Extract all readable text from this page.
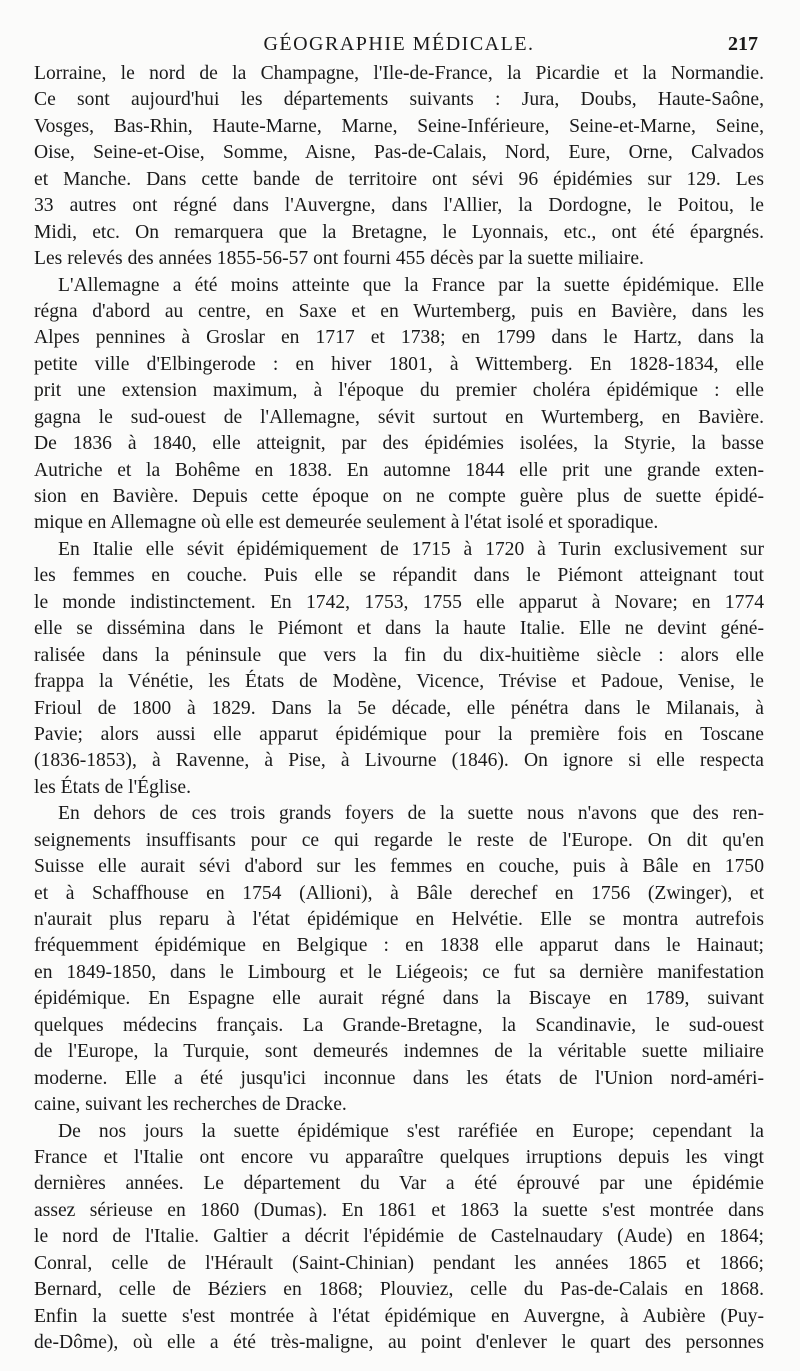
GÉOGRAPHIE MÉDICALE.	217
Lorraine, le nord de la Champagne, l'Ile-de-France, la Picardie et la Normandie.
Ce sont aujourd'hui les départements suivants : Jura, Doubs, Haute-Saône,
Vosges, Bas-Rhin, Haute-Marne, Marne, Seine-Inférieure, Seine-et-Marne, Seine,
Oise, Seine-et-Oise, Somme, Aisne, Pas-de-Calais, Nord, Eure, Orne, Calvados
et Manche. Dans cette bande de territoire ont sévi 96 épidémies sur 129. Les
33 autres ont régné dans l'Auvergne, dans l'Allier, la Dordogne, le Poitou, le
Midi, etc. On remarquera que la Bretagne, le Lyonnais, etc., ont été épargnés.
Les relevés des années 1855-56-57 ont fourni 455 décès par la suette miliaire.
L'Allemagne a été moins atteinte que la France par la suette épidémique. Elle
régna d'abord au centre, en Saxe et en Wurtemberg, puis en Bavière, dans les
Alpes pennines à Groslar en 1717 et 1738; en 1799 dans le Hartz, dans la
petite ville d'Elbingerode : en hiver 1801, à Wittemberg. En 1828-1834, elle
prit une extension maximum, à l'époque du premier choléra épidémique : elle
gagna le sud-ouest de l'Allemagne, sévit surtout en Wurtemberg, en Bavière.
De 1836 à 1840, elle atteignit, par des épidémies isolées, la Styrie, la basse
Autriche et la Bohême en 1838. En automne 1844 elle prit une grande exten-
sion en Bavière. Depuis cette époque on ne compte guère plus de suette épidé-
mique en Allemagne où elle est demeurée seulement à l'état isolé et sporadique.
En Italie elle sévit épidémiquement de 1715 à 1720 à Turin exclusivement sur
les femmes en couche. Puis elle se répandit dans le Piémont atteignant tout
le monde indistinctement. En 1742, 1753, 1755 elle apparut à Novare; en 1774
elle se dissémina dans le Piémont et dans la haute Italie. Elle ne devint géné-
ralisée dans la péninsule que vers la fin du dix-huitième siècle : alors elle
frappa la Vénétie, les États de Modène, Vicence, Trévise et Padoue, Venise, le
Frioul de 1800 à 1829. Dans la 5e décade, elle pénétra dans le Milanais, à
Pavie; alors aussi elle apparut épidémique pour la première fois en Toscane
(1836-1853), à Ravenne, à Pise, à Livourne (1846). On ignore si elle respecta
les États de l'Église.
En dehors de ces trois grands foyers de la suette nous n'avons que des ren-
seignements insuffisants pour ce qui regarde le reste de l'Europe. On dit qu'en
Suisse elle aurait sévi d'abord sur les femmes en couche, puis à Bâle en 1750
et à Schaffhouse en 1754 (Allioni), à Bâle derechef en 1756 (Zwinger), et
n'aurait plus reparu à l'état épidémique en Helvétie. Elle se montra autrefois
fréquemment épidémique en Belgique : en 1838 elle apparut dans le Hainaut;
en 1849-1850, dans le Limbourg et le Liégeois; ce fut sa dernière manifestation
épidémique. En Espagne elle aurait régné dans la Biscaye en 1789, suivant
quelques médecins français. La Grande-Bretagne, la Scandinavie, le sud-ouest
de l'Europe, la Turquie, sont demeurés indemnes de la véritable suette miliaire
moderne. Elle a été jusqu'ici inconnue dans les états de l'Union nord-améri-
caine, suivant les recherches de Dracke.
De nos jours la suette épidémique s'est raréfiée en Europe; cependant la
France et l'Italie ont encore vu apparaître quelques irruptions depuis les vingt
dernières années. Le département du Var a été éprouvé par une épidémie
assez sérieuse en 1860 (Dumas). En 1861 et 1863 la suette s'est montrée dans
le nord de l'Italie. Galtier a décrit l'épidémie de Castelnaudary (Aude) en 1864;
Conral, celle de l'Hérault (Saint-Chinian) pendant les années 1865 et 1866;
Bernard, celle de Béziers en 1868; Plouviez, celle du Pas-de-Calais en 1868.
Enfin la suette s'est montrée à l'état épidémique en Auvergne, à Aubière (Puy-
de-Dôme), où elle a été très-maligne, au point d'enlever le quart des personnes
